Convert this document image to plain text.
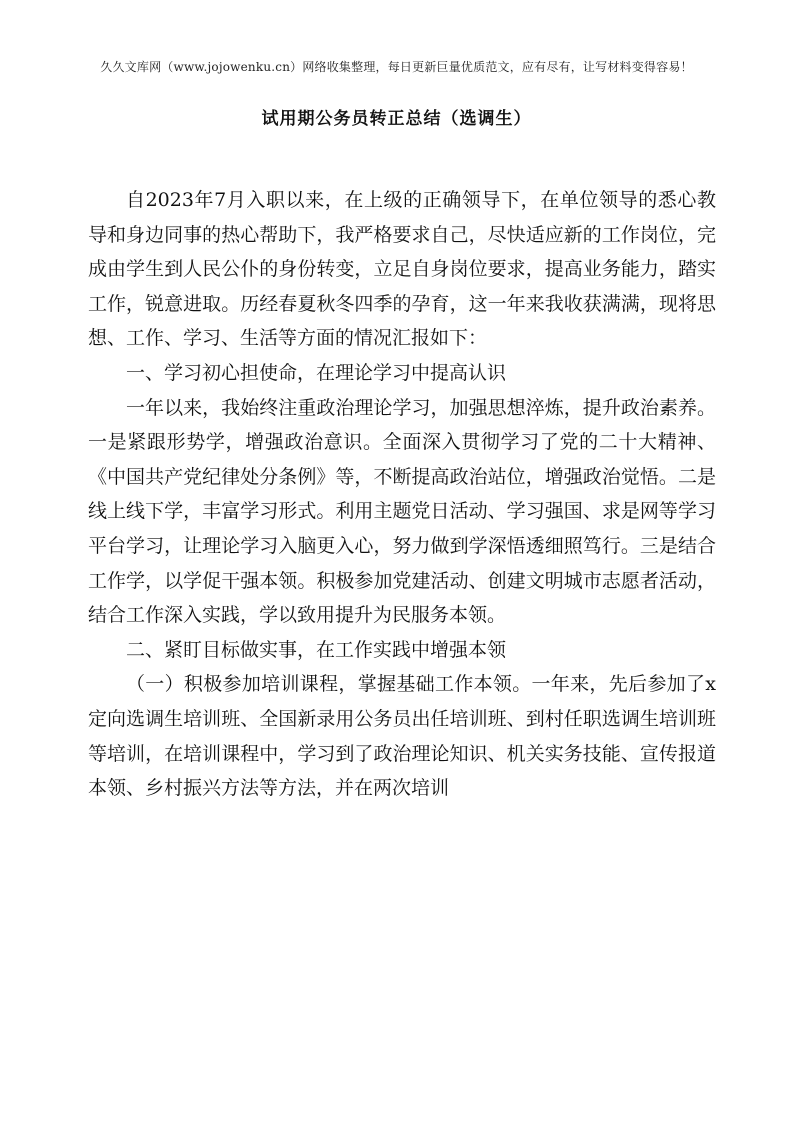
久久文库网（www.jojowenku.cn）网络收集整理，每日更新巨量优质范文，应有尽有，让写材料变得容易！
试用期公务员转正总结（选调生）

自2023年7月入职以来，在上级的正确领导下，在单位领导的悉心教导和身边同事的热心帮助下，我严格要求自己，尽快适应新的工作岗位，完成由学生到人民公仆的身份转变，立足自身岗位要求，提高业务能力，踏实工作，锐意进取。历经春夏秋冬四季的孕育，这一年来我收获满满，现将思想、工作、学习、生活等方面的情况汇报如下：

一、学习初心担使命，在理论学习中提高认识

一年以来，我始终注重政治理论学习，加强思想淬炼，提升政治素养。一是紧跟形势学，增强政治意识。全面深入贯彻学习了党的二十大精神、《中国共产党纪律处分条例》等，不断提高政治站位，增强政治觉悟。二是线上线下学，丰富学习形式。利用主题党日活动、学习强国、求是网等学习平台学习，让理论学习入脑更入心，努力做到学深悟透细照笃行。三是结合工作学，以学促干强本领。积极参加党建活动、创建文明城市志愿者活动，结合工作深入实践，学以致用提升为民服务本领。

二、紧盯目标做实事，在工作实践中增强本领

（一）积极参加培训课程，掌握基础工作本领。一年来，先后参加了x定向选调生培训班、全国新录用公务员出任培训班、到村任职选调生培训班等培训，在培训课程中，学习到了政治理论知识、机关实务技能、宣传报道本领、乡村振兴方法等方法，并在两次培训
